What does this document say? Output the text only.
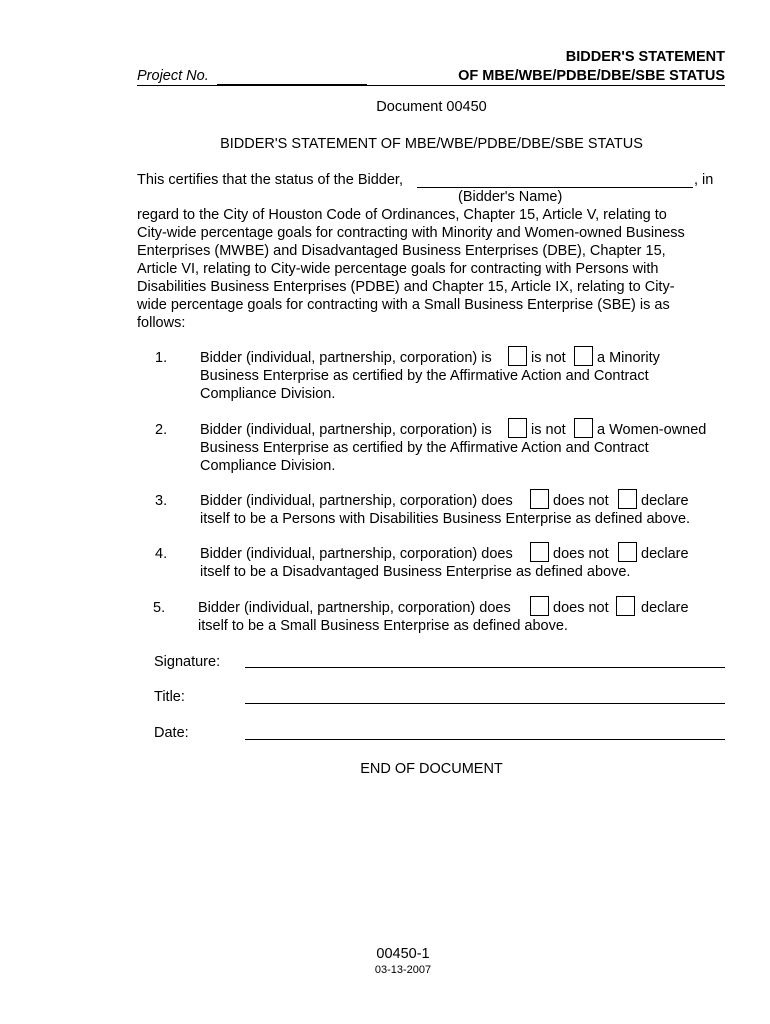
Project No.
BIDDER'S STATEMENT
OF MBE/WBE/PDBE/DBE/SBE STATUS
Document 00450
BIDDER'S STATEMENT OF MBE/WBE/PDBE/DBE/SBE STATUS
This certifies that the status of the Bidder,	, in
(Bidder's Name)
regard to the City of Houston Code of Ordinances, Chapter 15, Article V, relating to
City-wide percentage goals for contracting with Minority and Women-owned Business
Enterprises (MWBE) and Disadvantaged Business Enterprises (DBE), Chapter 15,
Article VI, relating to City-wide percentage goals for contracting with Persons with
Disabilities Business Enterprises (PDBE) and Chapter 15, Article IX, relating to City-
wide percentage goals for contracting with a Small Business Enterprise (SBE) is as
follows:
1. Bidder (individual, partnership, corporation) is	is not a Minority
Business Enterprise as certified by the Affirmative Action and Contract
Compliance Division.
2. Bidder (individual, partnership, corporation) is	is not a Women-owned
Business Enterprise as certified by the Affirmative Action and Contract
Compliance Division.
3. Bidder (individual, partnership, corporation) does	does not declare
itself to be a Persons with Disabilities Business Enterprise as defined above.
4. Bidder (individual, partnership, corporation) does	does not declare
itself to be a Disadvantaged Business Enterprise as defined above.
5. Bidder (individual, partnership, corporation) does	does not declare
itself to be a Small Business Enterprise as defined above.
Signature:
Title:
Date:
END OF DOCUMENT
00450-1
03-13-2007
